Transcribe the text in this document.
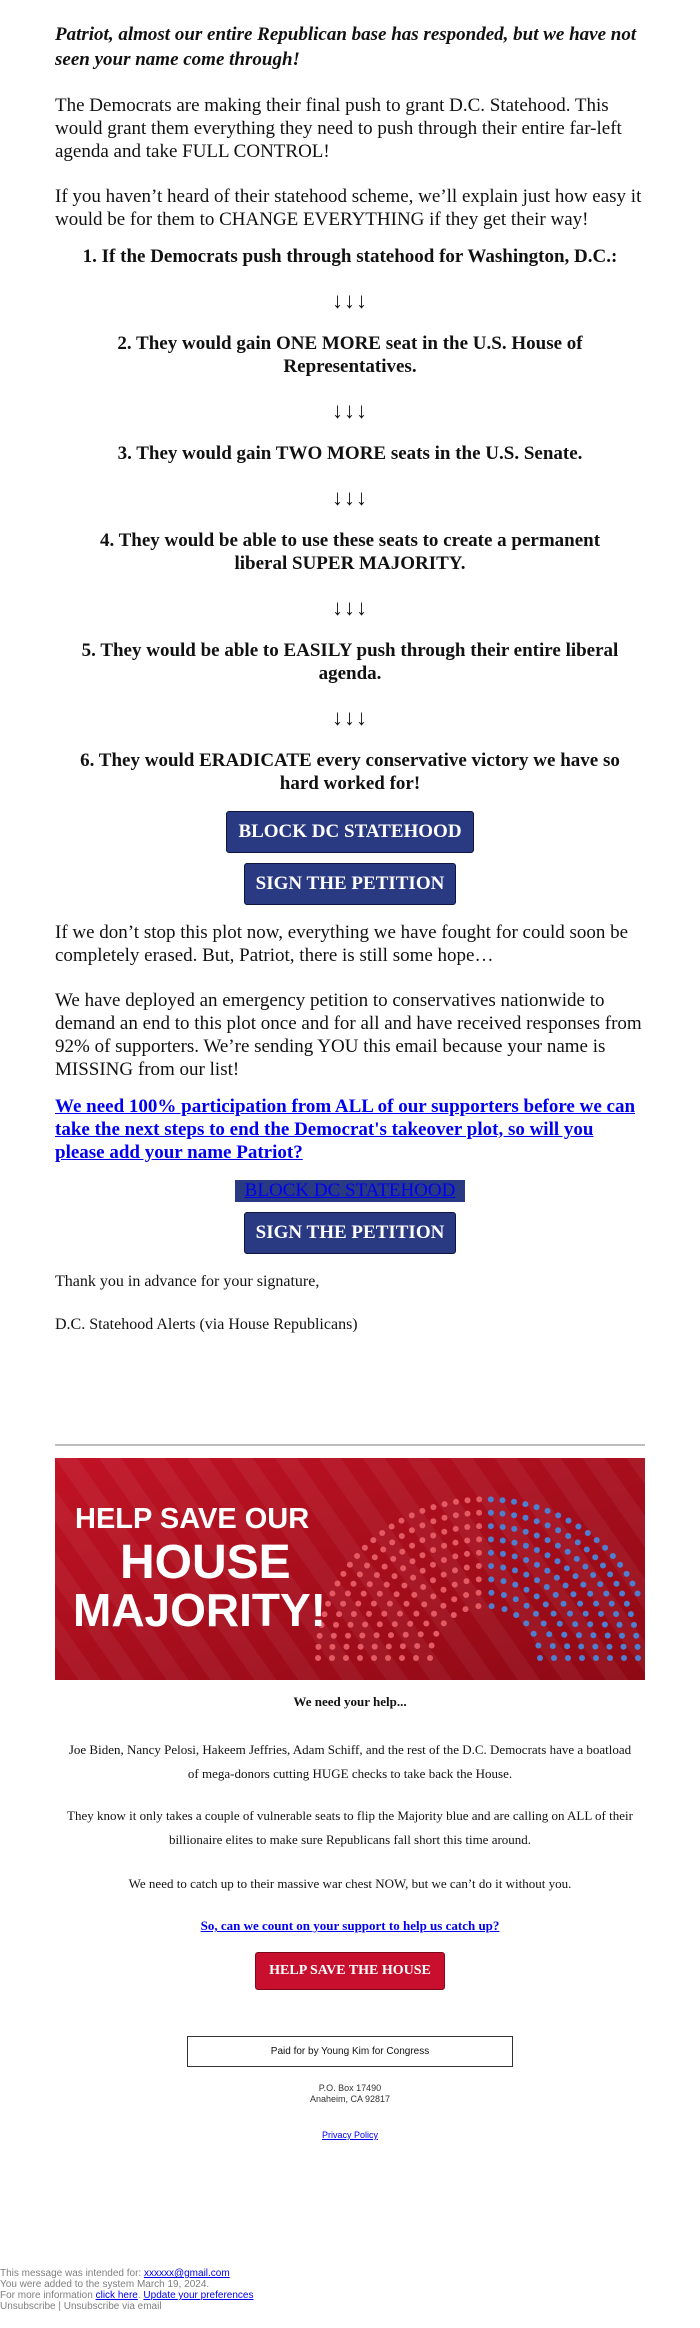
Patriot, almost our entire Republican base has responded, but we have not seen your name come through!

The Democrats are making their final push to grant D.C. Statehood. This would grant them everything they need to push through their entire far-left agenda and take FULL CONTROL!

If you haven’t heard of their statehood scheme, we’ll explain just how easy it would be for them to CHANGE EVERYTHING if they get their way!

1. If the Democrats push through statehood for Washington, D.C.:

↓↓↓

2. They would gain ONE MORE seat in the U.S. House of Representatives.

↓↓↓

3. They would gain TWO MORE seats in the U.S. Senate.

↓↓↓

4. They would be able to use these seats to create a permanent liberal SUPER MAJORITY.

↓↓↓

5. They would be able to EASILY push through their entire liberal agenda.

↓↓↓

6. They would ERADICATE every conservative victory we have so hard worked for!

BLOCK DC STATEHOOD
SIGN THE PETITION

If we don’t stop this plot now, everything we have fought for could soon be completely erased. But, Patriot, there is still some hope…

We have deployed an emergency petition to conservatives nationwide to demand an end to this plot once and for all and have received responses from 92% of supporters. We’re sending YOU this email because your name is MISSING from our list!

We need 100% participation from ALL of our supporters before we can take the next steps to end the Democrat's takeover plot, so will you please add your name Patriot?

BLOCK DC STATEHOOD
SIGN THE PETITION

Thank you in advance for your signature,

D.C. Statehood Alerts (via House Republicans)

HELP SAVE OUR
HOUSE
MAJORITY!

We need your help...

Joe Biden, Nancy Pelosi, Hakeem Jeffries, Adam Schiff, and the rest of the D.C. Democrats have a boatload of mega-donors cutting HUGE checks to take back the House.

They know it only takes a couple of vulnerable seats to flip the Majority blue and are calling on ALL of their billionaire elites to make sure Republicans fall short this time around.

We need to catch up to their massive war chest NOW, but we can’t do it without you.

So, can we count on your support to help us catch up?

HELP SAVE THE HOUSE
Paid for by Young Kim for Congress
P.O. Box 17490
Anaheim, CA 92817
Privacy Policy
This message was intended for: xxxxxx@gmail.com
You were added to the system March 19, 2024.
For more information click here. Update your preferences
Unsubscribe | Unsubscribe via email
